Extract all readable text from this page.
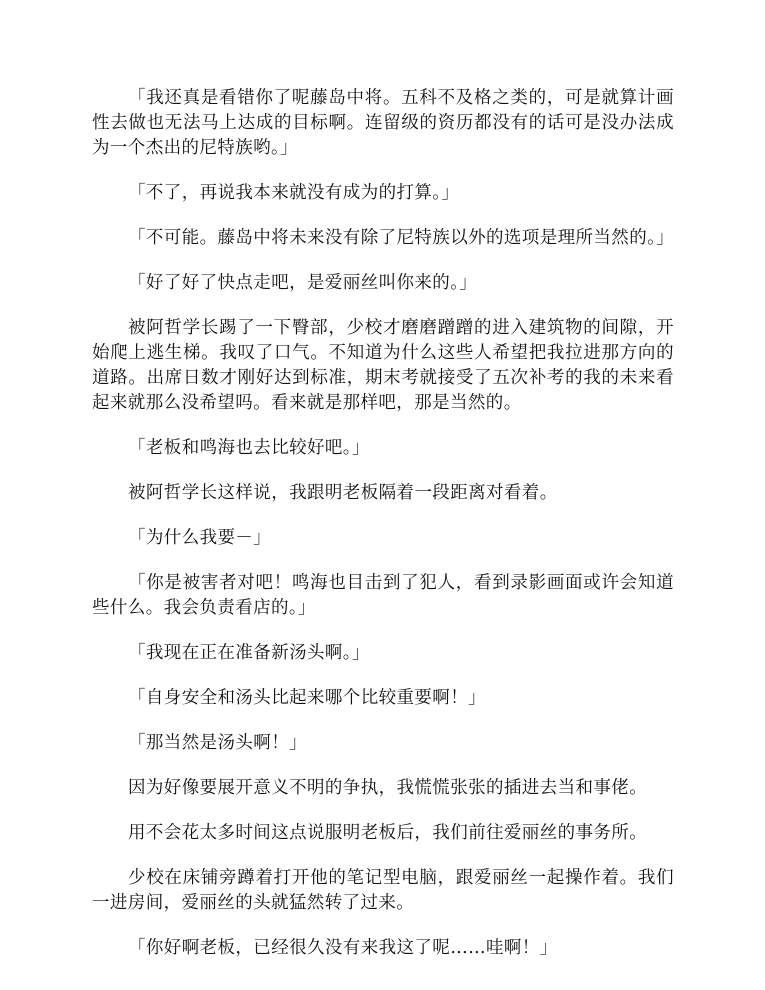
「我还真是看错你了呢藤岛中将。五科不及格之类的，可是就算计画性去做也无法马上达成的目标啊。连留级的资历都没有的话可是没办法成为一个杰出的尼特族哟。」

「不了，再说我本来就没有成为的打算。」

「不可能。藤岛中将未来没有除了尼特族以外的选项是理所当然的。」

「好了好了快点走吧，是爱丽丝叫你来的。」

被阿哲学长踢了一下臀部，少校才磨磨蹭蹭的进入建筑物的间隙，开始爬上逃生梯。我叹了口气。不知道为什么这些人希望把我拉进那方向的道路。出席日数才刚好达到标准，期末考就接受了五次补考的我的未来看起来就那么没希望吗。看来就是那样吧，那是当然的。

「老板和鸣海也去比较好吧。」

被阿哲学长这样说，我跟明老板隔着一段距离对看着。

「为什么我要－」

「你是被害者对吧！鸣海也目击到了犯人，看到录影画面或许会知道些什么。我会负责看店的。」

「我现在正在准备新汤头啊。」

「自身安全和汤头比起来哪个比较重要啊！」

「那当然是汤头啊！」

因为好像要展开意义不明的争执，我慌慌张张的插进去当和事佬。

用不会花太多时间这点说服明老板后，我们前往爱丽丝的事务所。

少校在床铺旁蹲着打开他的笔记型电脑，跟爱丽丝一起操作着。我们一进房间，爱丽丝的头就猛然转了过来。

「你好啊老板，已经很久没有来我这了呢……哇啊！」
